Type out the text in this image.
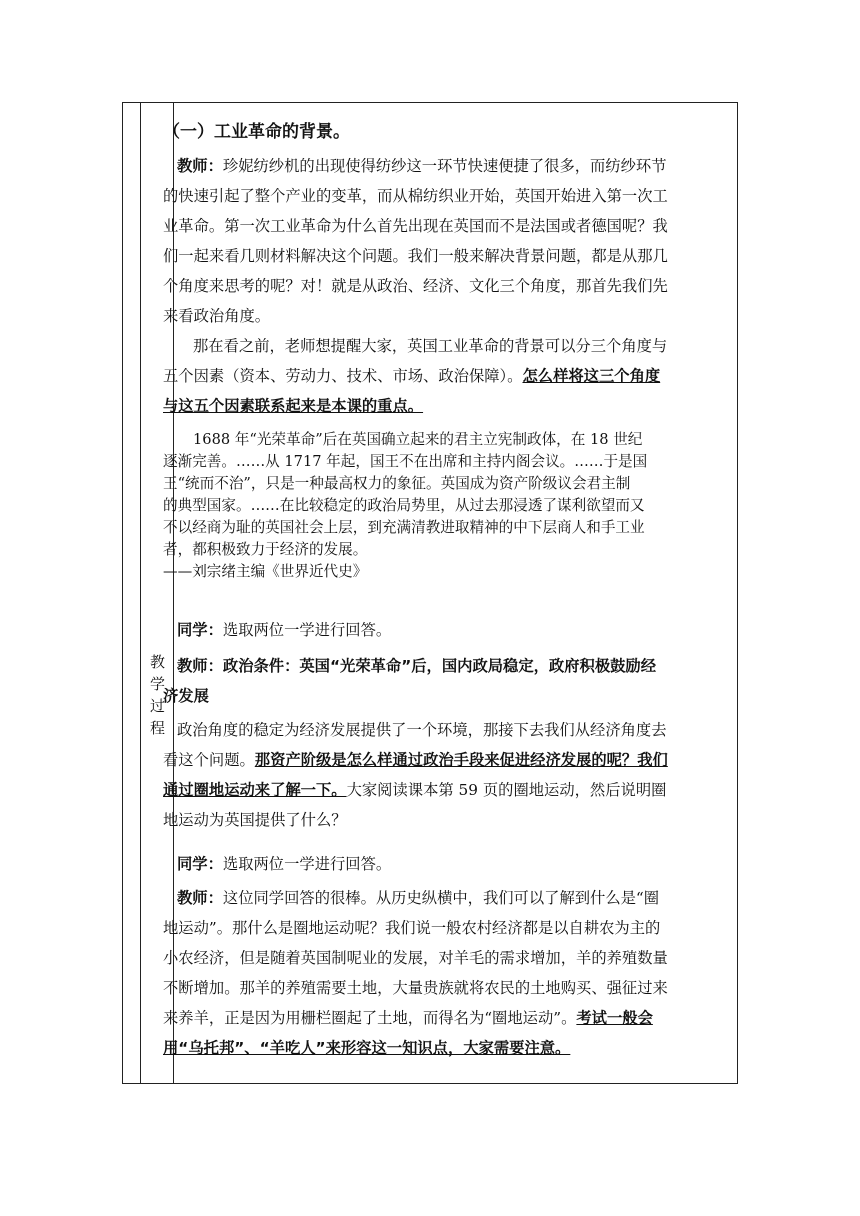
教
学
过
程

（一）工业革命的背景。

教师：珍妮纺纱机的出现使得纺纱这一环节快速便捷了很多，而纺纱环节
的快速引起了整个产业的变革，而从棉纺织业开始，英国开始进入第一次工
业革命。第一次工业革命为什么首先出现在英国而不是法国或者德国呢？我
们一起来看几则材料解决这个问题。我们一般来解决背景问题，都是从那几
个角度来思考的呢？对！就是从政治、经济、文化三个角度，那首先我们先
来看政治角度。

那在看之前，老师想提醒大家，英国工业革命的背景可以分三个角度与
五个因素（资本、劳动力、技术、市场、政治保障）。怎么样将这三个角度
与这五个因素联系起来是本课的重点。

1688 年“光荣革命”后在英国确立起来的君主立宪制政体，在 18 世纪
逐渐完善。……从 1717 年起，国王不在出席和主持内阁会议。……于是国
王“统而不治”，只是一种最高权力的象征。英国成为资产阶级议会君主制
的典型国家。……在比较稳定的政治局势里，从过去那浸透了谋利欲望而又
不以经商为耻的英国社会上层，到充满清教进取精神的中下层商人和手工业
者，都积极致力于经济的发展。
——刘宗绪主编《世界近代史》

同学：选取两位一学进行回答。

教师：政治条件：英国“光荣革命”后，国内政局稳定，政府积极鼓励经
济发展

政治角度的稳定为经济发展提供了一个环境，那接下去我们从经济角度去
看这个问题。那资产阶级是怎么样通过政治手段来促进经济发展的呢？我们
通过圈地运动来了解一下。大家阅读课本第 59 页的圈地运动，然后说明圈
地运动为英国提供了什么？

同学：选取两位一学进行回答。

教师：这位同学回答的很棒。从历史纵横中，我们可以了解到什么是“圈
地运动”。那什么是圈地运动呢？我们说一般农村经济都是以自耕农为主的
小农经济，但是随着英国制呢业的发展，对羊毛的需求增加，羊的养殖数量
不断增加。那羊的养殖需要土地，大量贵族就将农民的土地购买、强征过来
来养羊，正是因为用栅栏圈起了土地，而得名为“圈地运动”。考试一般会
用“乌托邦”、“羊吃人”来形容这一知识点，大家需要注意。
